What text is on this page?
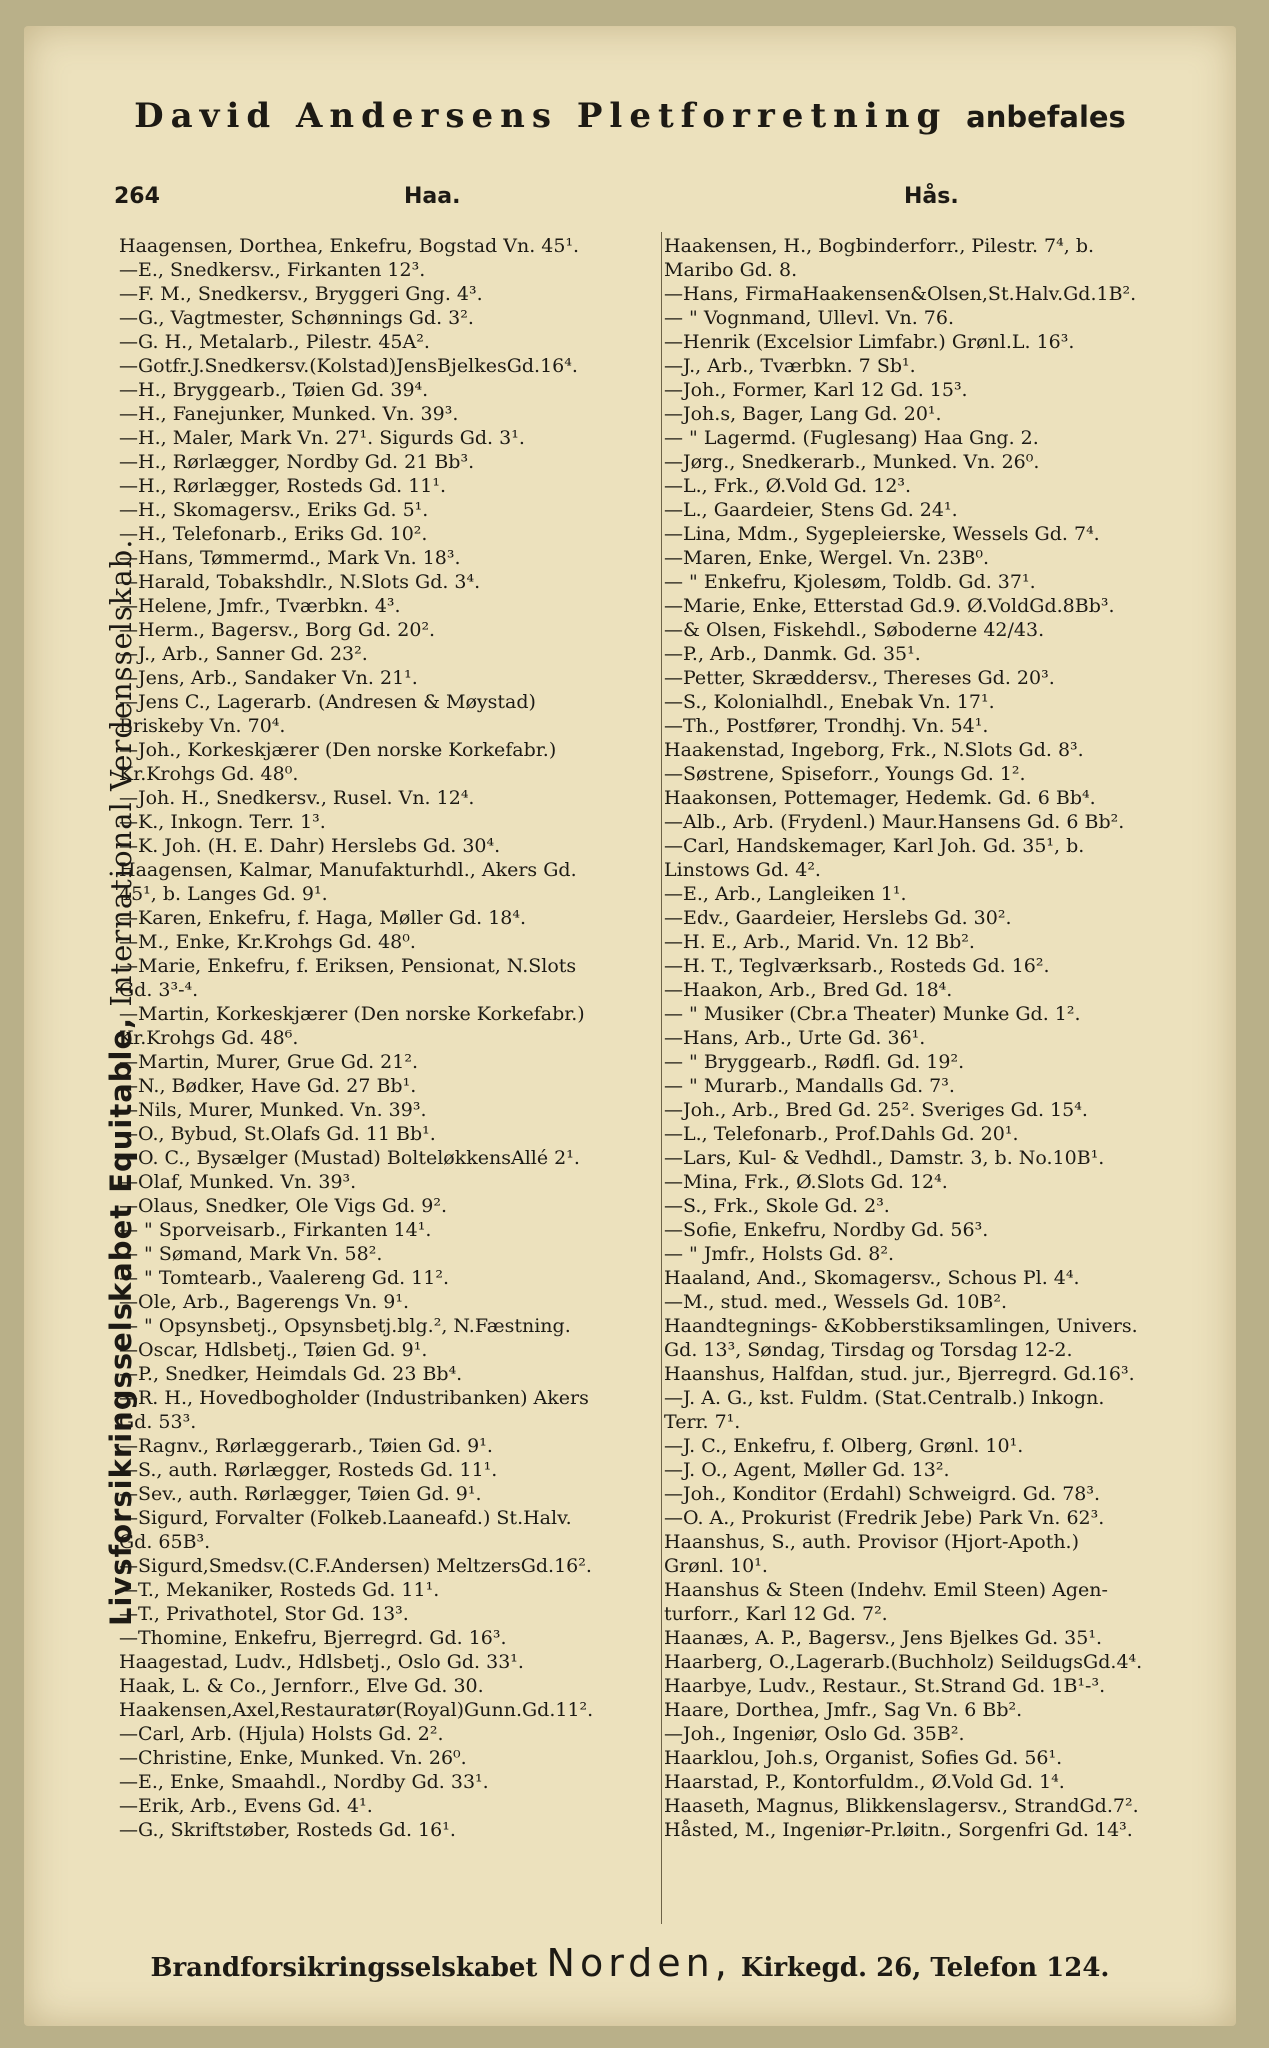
David Andersens Pletforretning anbefales
264	Haa.	Hås.
Livsforsikringsselskabet Equitable, International Verdensselskab.
Haagensen, Dorthea, Enkefru, Bogstad Vn. 45¹.
—E., Snedkersv., Firkanten 12³.
—F. M., Snedkersv., Bryggeri Gng. 4³.
—G., Vagtmester, Schønnings Gd. 3².
—G. H., Metalarb., Pilestr. 45A².
—Gotfr.J.Snedkersv.(Kolstad)JensBjelkesGd.16⁴.
—H., Bryggearb., Tøien Gd. 39⁴.
—H., Fanejunker, Munked. Vn. 39³.
—H., Maler, Mark Vn. 27¹. Sigurds Gd. 3¹.
—H., Rørlægger, Nordby Gd. 21 Bb³.
—H., Rørlægger, Rosteds Gd. 11¹.
—H., Skomagersv., Eriks Gd. 5¹.
—H., Telefonarb., Eriks Gd. 10².
—Hans, Tømmermd., Mark Vn. 18³.
—Harald, Tobakshdlr., N.Slots Gd. 3⁴.
—Helene, Jmfr., Tværbkn. 4³.
—Herm., Bagersv., Borg Gd. 20².
—J., Arb., Sanner Gd. 23².
—Jens, Arb., Sandaker Vn. 21¹.
—Jens C., Lagerarb. (Andresen & Møystad)
Briskeby Vn. 70⁴.
—Joh., Korkeskjærer (Den norske Korkefabr.)
Kr.Krohgs Gd. 48⁰.
—Joh. H., Snedkersv., Rusel. Vn. 12⁴.
—K., Inkogn. Terr. 1³.
—K. Joh. (H. E. Dahr) Herslebs Gd. 30⁴.
Haagensen, Kalmar, Manufakturhdl., Akers Gd.
45¹, b. Langes Gd. 9¹.
—Karen, Enkefru, f. Haga, Møller Gd. 18⁴.
—M., Enke, Kr.Krohgs Gd. 48⁰.
—Marie, Enkefru, f. Eriksen, Pensionat, N.Slots
Gd. 3³-⁴.
—Martin, Korkeskjærer (Den norske Korkefabr.)
Kr.Krohgs Gd. 48⁶.
—Martin, Murer, Grue Gd. 21².
—N., Bødker, Have Gd. 27 Bb¹.
—Nils, Murer, Munked. Vn. 39³.
—O., Bybud, St.Olafs Gd. 11 Bb¹.
—O. C., Bysælger (Mustad) BolteløkkensAllé 2¹.
—Olaf, Munked. Vn. 39³.
—Olaus, Snedker, Ole Vigs Gd. 9².
— " Sporveisarb., Firkanten 14¹.
— " Sømand, Mark Vn. 58².
— " Tomtearb., Vaalereng Gd. 11².
—Ole, Arb., Bagerengs Vn. 9¹.
— " Opsynsbetj., Opsynsbetj.blg.², N.Fæstning.
—Oscar, Hdlsbetj., Tøien Gd. 9¹.
—P., Snedker, Heimdals Gd. 23 Bb⁴.
—R. H., Hovedbogholder (Industribanken) Akers
Gd. 53³.
—Ragnv., Rørlæggerarb., Tøien Gd. 9¹.
—S., auth. Rørlægger, Rosteds Gd. 11¹.
—Sev., auth. Rørlægger, Tøien Gd. 9¹.
—Sigurd, Forvalter (Folkeb.Laaneafd.) St.Halv.
Gd. 65B³.
—Sigurd,Smedsv.(C.F.Andersen) MeltzersGd.16².
—T., Mekaniker, Rosteds Gd. 11¹.
—T., Privathotel, Stor Gd. 13³.
—Thomine, Enkefru, Bjerregrd. Gd. 16³.
Haagestad, Ludv., Hdlsbetj., Oslo Gd. 33¹.
Haak, L. & Co., Jernforr., Elve Gd. 30.
Haakensen,Axel,Restauratør(Royal)Gunn.Gd.11².
—Carl, Arb. (Hjula) Holsts Gd. 2².
—Christine, Enke, Munked. Vn. 26⁰.
—E., Enke, Smaahdl., Nordby Gd. 33¹.
—Erik, Arb., Evens Gd. 4¹.
—G., Skriftstøber, Rosteds Gd. 16¹.
Haakensen, H., Bogbinderforr., Pilestr. 7⁴, b.
Maribo Gd. 8.
—Hans, FirmaHaakensen&Olsen,St.Halv.Gd.1B².
— " Vognmand, Ullevl. Vn. 76.
—Henrik (Excelsior Limfabr.) Grønl.L. 16³.
—J., Arb., Tværbkn. 7 Sb¹.
—Joh., Former, Karl 12 Gd. 15³.
—Joh.s, Bager, Lang Gd. 20¹.
— " Lagermd. (Fuglesang) Haa Gng. 2.
—Jørg., Snedkerarb., Munked. Vn. 26⁰.
—L., Frk., Ø.Vold Gd. 12³.
—L., Gaardeier, Stens Gd. 24¹.
—Lina, Mdm., Sygepleierske, Wessels Gd. 7⁴.
—Maren, Enke, Wergel. Vn. 23B⁰.
— " Enkefru, Kjolesøm, Toldb. Gd. 37¹.
—Marie, Enke, Etterstad Gd.9. Ø.VoldGd.8Bb³.
—& Olsen, Fiskehdl., Søboderne 42/43.
—P., Arb., Danmk. Gd. 35¹.
—Petter, Skræddersv., Thereses Gd. 20³.
—S., Kolonialhdl., Enebak Vn. 17¹.
—Th., Postfører, Trondhj. Vn. 54¹.
Haakenstad, Ingeborg, Frk., N.Slots Gd. 8³.
—Søstrene, Spiseforr., Youngs Gd. 1².
Haakonsen, Pottemager, Hedemk. Gd. 6 Bb⁴.
—Alb., Arb. (Frydenl.) Maur.Hansens Gd. 6 Bb².
—Carl, Handskemager, Karl Joh. Gd. 35¹, b.
Linstows Gd. 4².
—E., Arb., Langleiken 1¹.
—Edv., Gaardeier, Herslebs Gd. 30².
—H. E., Arb., Marid. Vn. 12 Bb².
—H. T., Teglværksarb., Rosteds Gd. 16².
—Haakon, Arb., Bred Gd. 18⁴.
— " Musiker (Cbr.a Theater) Munke Gd. 1².
—Hans, Arb., Urte Gd. 36¹.
— " Bryggearb., Rødfl. Gd. 19².
— " Murarb., Mandalls Gd. 7³.
—Joh., Arb., Bred Gd. 25². Sveriges Gd. 15⁴.
—L., Telefonarb., Prof.Dahls Gd. 20¹.
—Lars, Kul- & Vedhdl., Damstr. 3, b. No.10B¹.
—Mina, Frk., Ø.Slots Gd. 12⁴.
—S., Frk., Skole Gd. 2³.
—Sofie, Enkefru, Nordby Gd. 56³.
— " Jmfr., Holsts Gd. 8².
Haaland, And., Skomagersv., Schous Pl. 4⁴.
—M., stud. med., Wessels Gd. 10B².
Haandtegnings- &Kobberstiksamlingen, Univers.
Gd. 13³, Søndag, Tirsdag og Torsdag 12-2.
Haanshus, Halfdan, stud. jur., Bjerregrd. Gd.16³.
—J. A. G., kst. Fuldm. (Stat.Centralb.) Inkogn.
Terr. 7¹.
—J. C., Enkefru, f. Olberg, Grønl. 10¹.
—J. O., Agent, Møller Gd. 13².
—Joh., Konditor (Erdahl) Schweigrd. Gd. 78³.
—O. A., Prokurist (Fredrik Jebe) Park Vn. 62³.
Haanshus, S., auth. Provisor (Hjort-Apoth.)
Grønl. 10¹.
Haanshus & Steen (Indehv. Emil Steen) Agen-
turforr., Karl 12 Gd. 7².
Haanæs, A. P., Bagersv., Jens Bjelkes Gd. 35¹.
Haarberg, O.,Lagerarb.(Buchholz) SeildugsGd.4⁴.
Haarbye, Ludv., Restaur., St.Strand Gd. 1B¹-³.
Haare, Dorthea, Jmfr., Sag Vn. 6 Bb².
—Joh., Ingeniør, Oslo Gd. 35B².
Haarklou, Joh.s, Organist, Sofies Gd. 56¹.
Haarstad, P., Kontorfuldm., Ø.Vold Gd. 1⁴.
Haaseth, Magnus, Blikkenslagersv., StrandGd.7².
Håsted, M., Ingeniør-Pr.løitn., Sorgenfri Gd. 14³.
Brandforsikringsselskabet Norden, Kirkegd. 26, Telefon 124.
